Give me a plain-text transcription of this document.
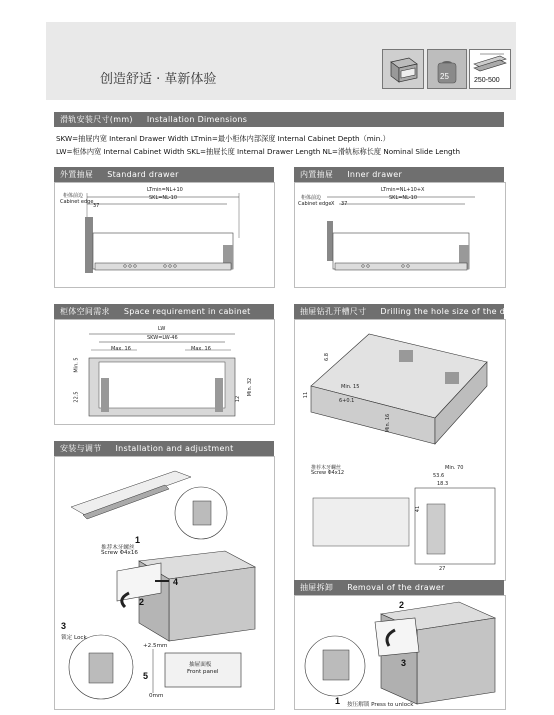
创造舒适 · 革新体验	25	250-500
滑轨安装尺寸(mm) Installation Dimensions
SKW=抽屉内宽 Interanl Drawer Width LTmin=最小柜体内部深度 Internal Cabinet Depth（min.）
LW=柜体内宽 Internal Cabinet Width SKL=抽屉长度 Internal Drawer Length NL=滑轨标称长度 Nominal Slide Length
外置抽屉 Standard drawer
LTmin=NL+10
SKL=NL-10
柜体前边
Cabinet edge
37
内置抽屉 Inner drawer
LTmin=NL+10+X
SKL=NL-10
柜体前边
Cabinet edge X 37
柜体空间需求 Space requirement in cabinet
LW
SKW=LW-46
Max. 16	Max. 16
Min. 5
22.5	12
Min. 32
抽屉钻孔开槽尺寸 Drilling the hole size of the drawer
6.8
11
Min. 15
6+0.1
Min. 16
推荐木牙螺丝
Screw Φ4x12
Min. 70
53.6
18.3
41
27
安装与调节 Installation and adjustment
推荐木牙螺丝
Screw Φ4x16
1
2
3
4
5
锁定 Lock
+2.5mm
0mm
抽屉面板
Front panel
抽屉拆卸 Removal of the drawer
2
3
1 按压解锁 Press to unlock
